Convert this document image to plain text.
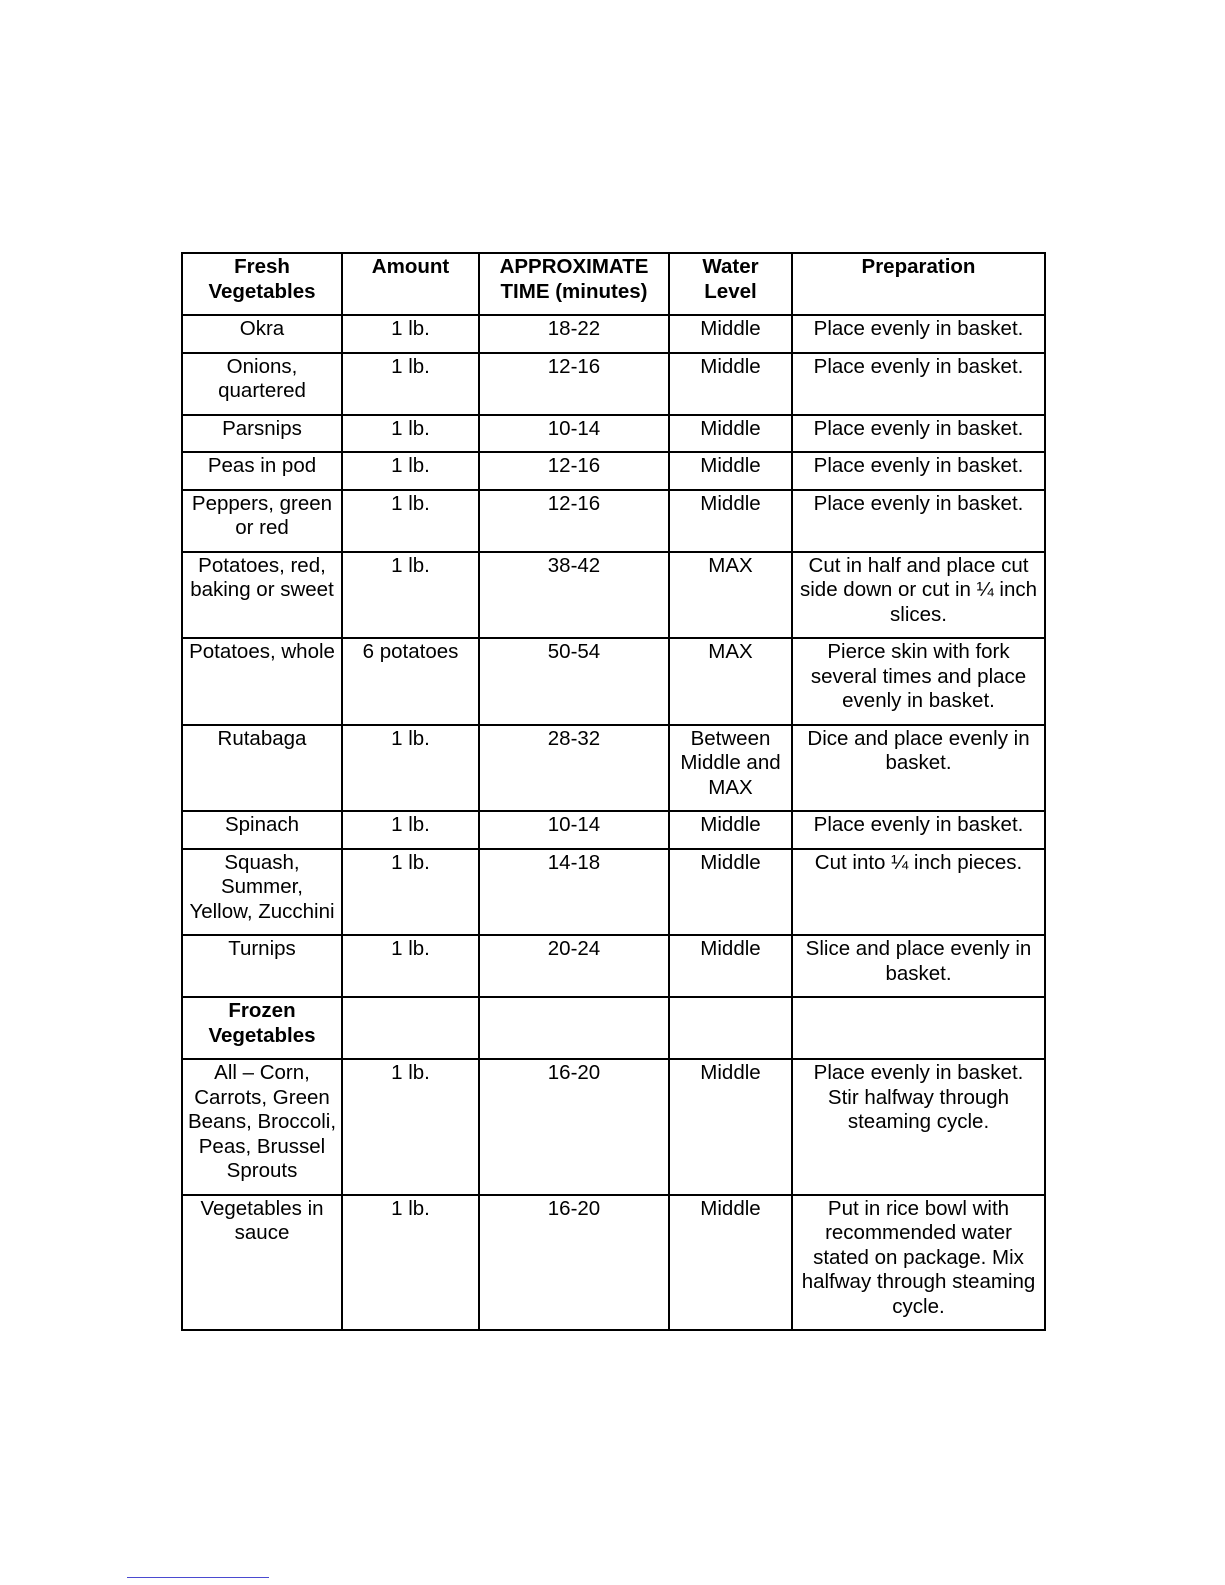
Fresh Vegetables	Amount	APPROXIMATE TIME (minutes)	Water Level	Preparation
Okra	1 lb.	18-22	Middle	Place evenly in basket.
Onions, quartered	1 lb.	12-16	Middle	Place evenly in basket.
Parsnips	1 lb.	10-14	Middle	Place evenly in basket.
Peas in pod	1 lb.	12-16	Middle	Place evenly in basket.
Peppers, green or red	1 lb.	12-16	Middle	Place evenly in basket.
Potatoes, red, baking or sweet	1 lb.	38-42	MAX	Cut in half and place cut side down or cut in ¼ inch slices.
Potatoes, whole	6 potatoes	50-54	MAX	Pierce skin with fork several times and place evenly in basket.
Rutabaga	1 lb.	28-32	Between Middle and MAX	Dice and place evenly in basket.
Spinach	1 lb.	10-14	Middle	Place evenly in basket.
Squash, Summer, Yellow, Zucchini	1 lb.	14-18	Middle	Cut into ¼ inch pieces.
Turnips	1 lb.	20-24	Middle	Slice and place evenly in basket.
Frozen Vegetables				
All – Corn, Carrots, Green Beans, Broccoli, Peas, Brussel Sprouts	1 lb.	16-20	Middle	Place evenly in basket. Stir halfway through steaming cycle.
Vegetables in sauce	1 lb.	16-20	Middle	Put in rice bowl with recommended water stated on package. Mix halfway through steaming cycle.
